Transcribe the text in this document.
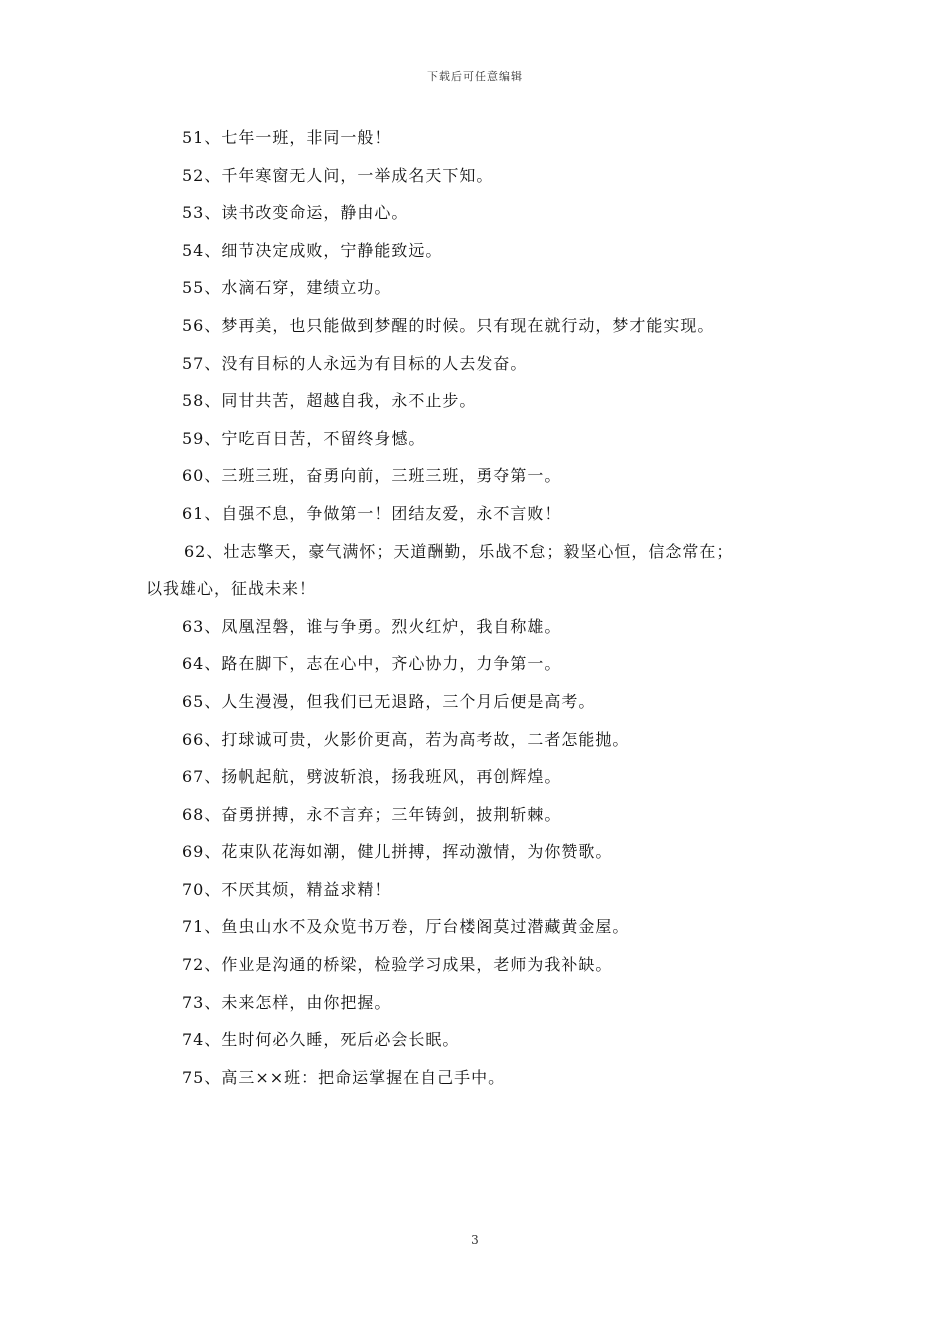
下载后可任意编辑
51、七年一班，非同一般！
52、千年寒窗无人问，一举成名天下知。
53、读书改变命运，静由心。
54、细节决定成败，宁静能致远。
55、水滴石穿，建绩立功。
56、梦再美，也只能做到梦醒的时候。只有现在就行动，梦才能实现。
57、没有目标的人永远为有目标的人去发奋。
58、同甘共苦，超越自我，永不止步。
59、宁吃百日苦，不留终身憾。
60、三班三班，奋勇向前，三班三班，勇夺第一。
61、自强不息，争做第一！团结友爱，永不言败！
62、壮志擎天，豪气满怀；天道酬勤，乐战不怠；毅坚心恒，信念常在；
以我雄心，征战未来！
63、凤凰涅磐，谁与争勇。烈火红炉，我自称雄。
64、路在脚下，志在心中，齐心协力，力争第一。
65、人生漫漫，但我们已无退路，三个月后便是高考。
66、打球诚可贵，火影价更高，若为高考故，二者怎能抛。
67、扬帆起航，劈波斩浪，扬我班风，再创辉煌。
68、奋勇拼搏，永不言弃；三年铸剑，披荆斩棘。
69、花束队花海如潮，健儿拼搏，挥动激情，为你赞歌。
70、不厌其烦，精益求精！
71、鱼虫山水不及众览书万卷，厅台楼阁莫过潜藏黄金屋。
72、作业是沟通的桥梁，检验学习成果，老师为我补缺。
73、未来怎样，由你把握。
74、生时何必久睡，死后必会长眠。
75、高三××班：把命运掌握在自己手中。
3
